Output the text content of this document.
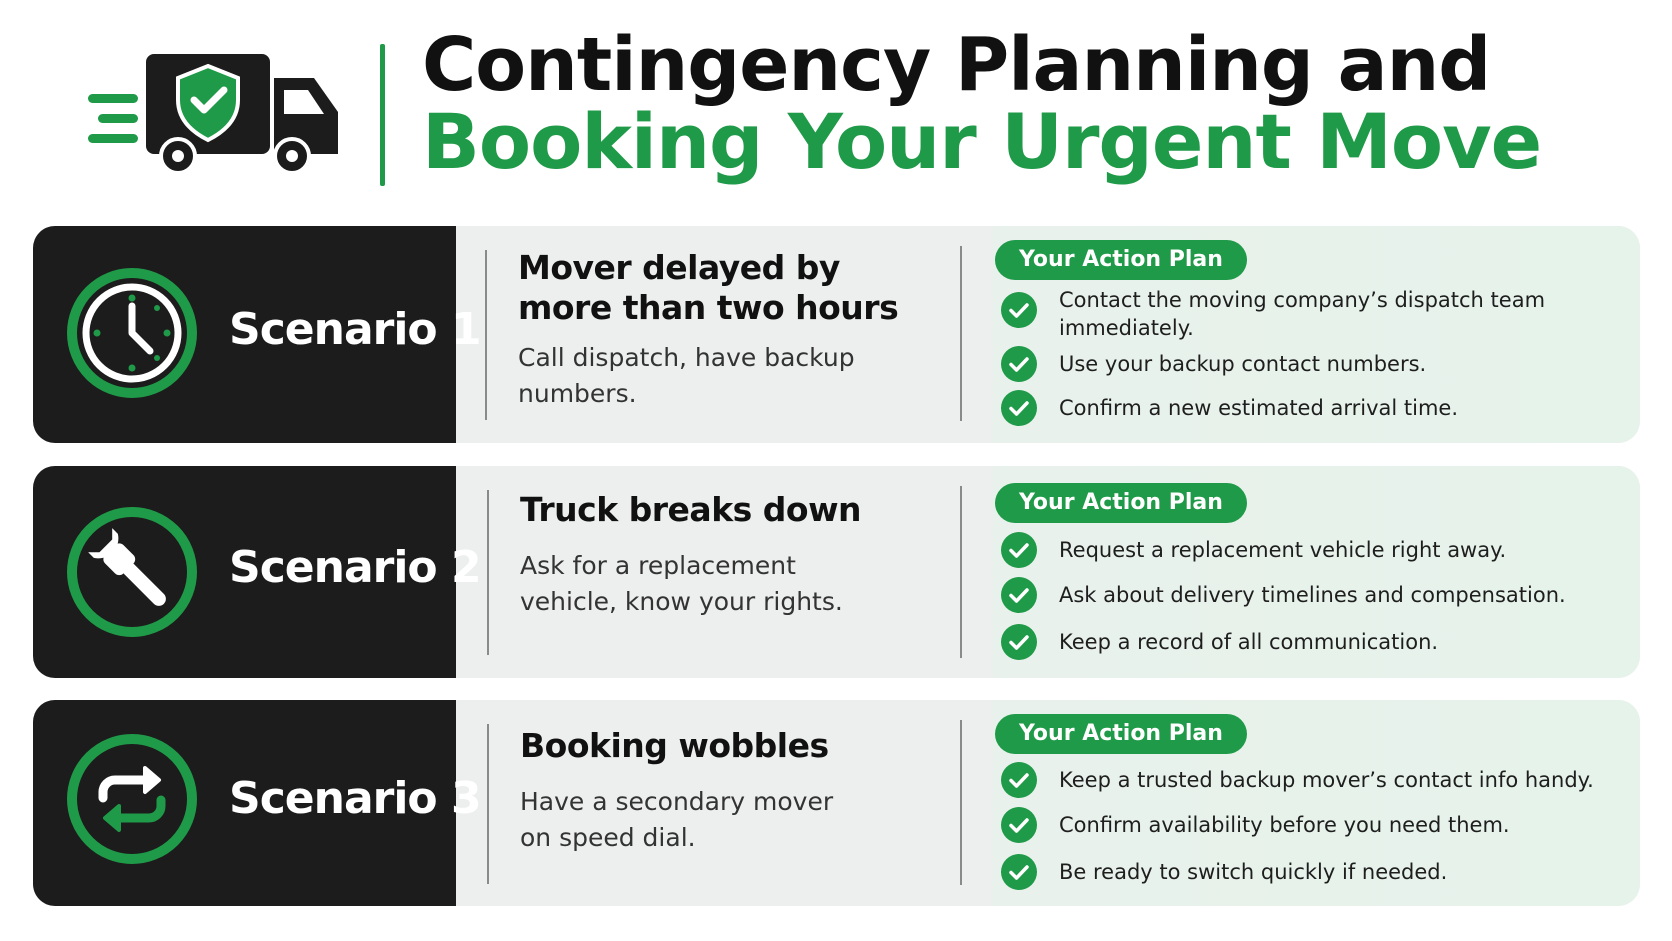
Contingency Planning and
Booking Your Urgent Move
Scenario 1
Mover delayed by more than two hours

Call dispatch, have backup numbers.

Your Action Plan
Contact the moving company’s dispatch team immediately.
Use your backup contact numbers.
Confirm a new estimated arrival time.
Scenario 2
Truck breaks down

Ask for a replacement vehicle, know your rights.

Your Action Plan
Request a replacement vehicle right away.
Ask about delivery timelines and compensation.
Keep a record of all communication.
Scenario 3
Booking wobbles

Have a secondary mover on speed dial.

Your Action Plan
Keep a trusted backup mover’s contact info handy.
Confirm availability before you need them.
Be ready to switch quickly if needed.
